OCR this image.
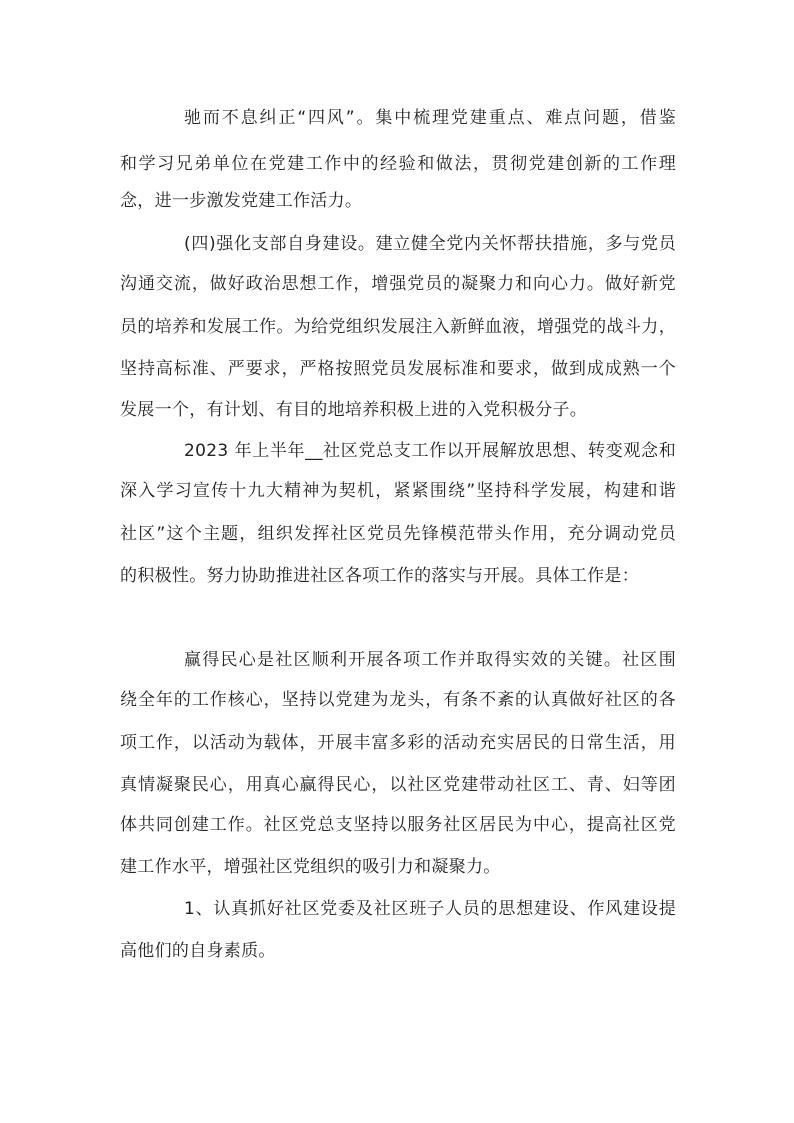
驰而不息纠正“四风”。集中梳理党建重点、难点问题，借鉴
和学习兄弟单位在党建工作中的经验和做法，贯彻党建创新的工作理
念，进一步激发党建工作活力。
(四)强化支部自身建设。建立健全党内关怀帮扶措施，多与党员
沟通交流，做好政治思想工作，增强党员的凝聚力和向心力。做好新党
员的培养和发展工作。为给党组织发展注入新鲜血液，增强党的战斗力，
坚持高标准、严要求，严格按照党员发展标准和要求，做到成成熟一个
发展一个，有计划、有目的地培养积极上进的入党积极分子。
2023 年上半年__社区党总支工作以开展解放思想、转变观念和
深入学习宣传十九大精神为契机，紧紧围绕”坚持科学发展，构建和谐
社区”这个主题，组织发挥社区党员先锋模范带头作用，充分调动党员
的积极性。努力协助推进社区各项工作的落实与开展。具体工作是：
赢得民心是社区顺利开展各项工作并取得实效的关键。社区围
绕全年的工作核心，坚持以党建为龙头，有条不紊的认真做好社区的各
项工作，以活动为载体，开展丰富多彩的活动充实居民的日常生活，用
真情凝聚民心，用真心赢得民心，以社区党建带动社区工、青、妇等团
体共同创建工作。社区党总支坚持以服务社区居民为中心，提高社区党
建工作水平，增强社区党组织的吸引力和凝聚力。
1、认真抓好社区党委及社区班子人员的思想建设、作风建设提
高他们的自身素质。
